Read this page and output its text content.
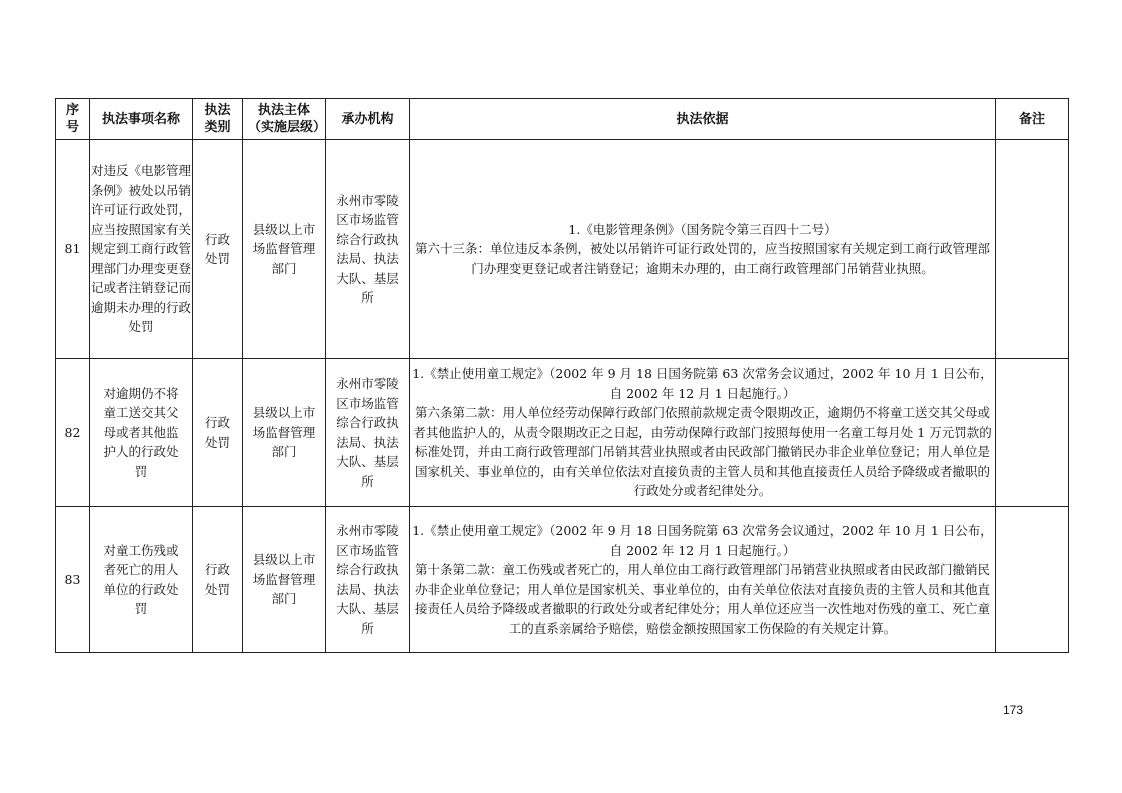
序号	执法事项名称	执法类别	执法主体（实施层级）	承办机构	执法依据	备注
81	对违反《电影管理条例》被处以吊销许可证行政处罚，应当按照国家有关规定到工商行政管理部门办理变更登记或者注销登记而逾期未办理的行政处罚	行政处罚	县级以上市场监督管理部门	永州市零陵区市场监管综合行政执法局、执法大队、基层所	1.《电影管理条例》（国务院令第三百四十二号）
第六十三条：单位违反本条例，被处以吊销许可证行政处罚的，应当按照国家有关规定到工商行政管理部门办理变更登记或者注销登记；逾期未办理的，由工商行政管理部门吊销营业执照。	
82	对逾期仍不将童工送交其父母或者其他监护人的行政处罚	行政处罚	县级以上市场监督管理部门	永州市零陵区市场监管综合行政执法局、执法大队、基层所	1.《禁止使用童工规定》（2002 年 9 月 18 日国务院第 63 次常务会议通过，2002 年 10 月 1 日公布，自 2002 年 12 月 1 日起施行。）
第六条第二款：用人单位经劳动保障行政部门依照前款规定责令限期改正，逾期仍不将童工送交其父母或者其他监护人的，从责令限期改正之日起，由劳动保障行政部门按照每使用一名童工每月处 1 万元罚款的标准处罚，并由工商行政管理部门吊销其营业执照或者由民政部门撤销民办非企业单位登记；用人单位是国家机关、事业单位的，由有关单位依法对直接负责的主管人员和其他直接责任人员给予降级或者撤职的行政处分或者纪律处分。	
83	对童工伤残或者死亡的用人单位的行政处罚	行政处罚	县级以上市场监督管理部门	永州市零陵区市场监管综合行政执法局、执法大队、基层所	1.《禁止使用童工规定》（2002 年 9 月 18 日国务院第 63 次常务会议通过，2002 年 10 月 1 日公布，自 2002 年 12 月 1 日起施行。）
第十条第二款：童工伤残或者死亡的，用人单位由工商行政管理部门吊销营业执照或者由民政部门撤销民办非企业单位登记；用人单位是国家机关、事业单位的，由有关单位依法对直接负责的主管人员和其他直接责任人员给予降级或者撤职的行政处分或者纪律处分；用人单位还应当一次性地对伤残的童工、死亡童工的直系亲属给予赔偿，赔偿金额按照国家工伤保险的有关规定计算。	
173
